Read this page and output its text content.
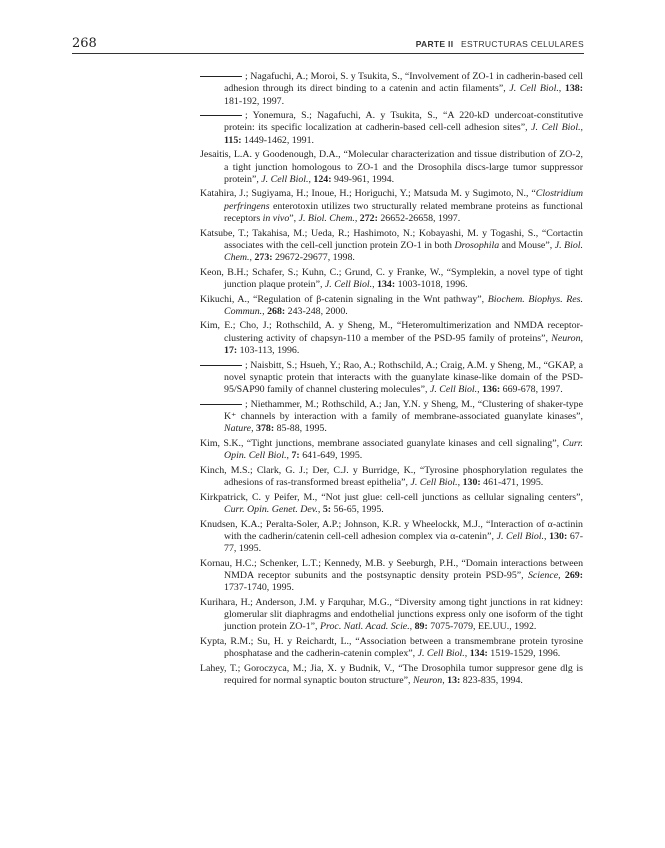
268	PARTE II ESTRUCTURAS CELULARES
; Nagafuchi, A.; Moroi, S. y Tsukita, S., “Involvement of ZO-1 in cadherin-based cell adhesion through its direct binding to a catenin and actin filaments”, J. Cell Biol., 138: 181-192, 1997.
; Yonemura, S.; Nagafuchi, A. y Tsukita, S., “A 220-kD undercoat-constitutive protein: its specific localization at cadherin-based cell-cell adhesion sites”, J. Cell Biol., 115: 1449-1462, 1991.
Jesaitis, L.A. y Goodenough, D.A., “Molecular characterization and tissue distribution of ZO-2, a tight junction homologous to ZO-1 and the Drosophila discs-large tumor suppressor protein”, J. Cell Biol., 124: 949-961, 1994.
Katahira, J.; Sugiyama, H.; Inoue, H.; Horiguchi, Y.; Matsuda M. y Sugimoto, N., “Clostridium perfringens enterotoxin utilizes two structurally related membrane proteins as functional receptors in vivo”, J. Biol. Chem., 272: 26652-26658, 1997.
Katsube, T.; Takahisa, M.; Ueda, R.; Hashimoto, N.; Kobayashi, M. y Togashi, S., “Cortactin associates with the cell-cell junction protein ZO-1 in both Drosophila and Mouse”, J. Biol. Chem., 273: 29672-29677, 1998.
Keon, B.H.; Schafer, S.; Kuhn, C.; Grund, C. y Franke, W., “Symplekin, a novel type of tight junction plaque protein”, J. Cell Biol., 134: 1003-1018, 1996.
Kikuchi, A., “Regulation of β-catenin signaling in the Wnt pathway”, Biochem. Biophys. Res. Commun., 268: 243-248, 2000.
Kim, E.; Cho, J.; Rothschild, A. y Sheng, M., “Heteromultimerization and NMDA receptor-clustering activity of chapsyn-110 a member of the PSD-95 family of proteins”, Neuron, 17: 103-113, 1996.
; Naisbitt, S.; Hsueh, Y.; Rao, A.; Rothschild, A.; Craig, A.M. y Sheng, M., “GKAP, a novel synaptic protein that interacts with the guanylate kinase-like domain of the PSD-95/SAP90 family of channel clustering molecules”, J. Cell Biol., 136: 669-678, 1997.
; Niethammer, M.; Rothschild, A.; Jan, Y.N. y Sheng, M., “Clustering of shaker-type K⁺ channels by interaction with a family of membrane-associated guanylate kinases”, Nature, 378: 85-88, 1995.
Kim, S.K., “Tight junctions, membrane associated guanylate kinases and cell signaling”, Curr. Opin. Cell Biol., 7: 641-649, 1995.
Kinch, M.S.; Clark, G. J.; Der, C.J. y Burridge, K., “Tyrosine phosphorylation regulates the adhesions of ras-transformed breast epithelia”, J. Cell Biol., 130: 461-471, 1995.
Kirkpatrick, C. y Peifer, M., “Not just glue: cell-cell junctions as cellular signaling centers”, Curr. Opin. Genet. Dev., 5: 56-65, 1995.
Knudsen, K.A.; Peralta-Soler, A.P.; Johnson, K.R. y Wheelockk, M.J., “Interaction of α-actinin with the cadherin/catenin cell-cell adhesion complex via α-catenin”, J. Cell Biol., 130: 67-77, 1995.
Kornau, H.C.; Schenker, L.T.; Kennedy, M.B. y Seeburgh, P.H., “Domain interactions between NMDA receptor subunits and the postsynaptic density protein PSD-95”, Science, 269: 1737-1740, 1995.
Kurihara, H.; Anderson, J.M. y Farquhar, M.G., “Diversity among tight junctions in rat kidney: glomerular slit diaphragms and endothelial junctions express only one isoform of the tight junction protein ZO-1”, Proc. Natl. Acad. Scie., 89: 7075-7079, EE.UU., 1992.
Kypta, R.M.; Su, H. y Reichardt, L., “Association between a transmembrane protein tyrosine phosphatase and the cadherin-catenin complex”, J. Cell Biol., 134: 1519-1529, 1996.
Lahey, T.; Goroczyca, M.; Jia, X. y Budnik, V., “The Drosophila tumor suppresor gene dlg is required for normal synaptic bouton structure”, Neuron, 13: 823-835, 1994.
